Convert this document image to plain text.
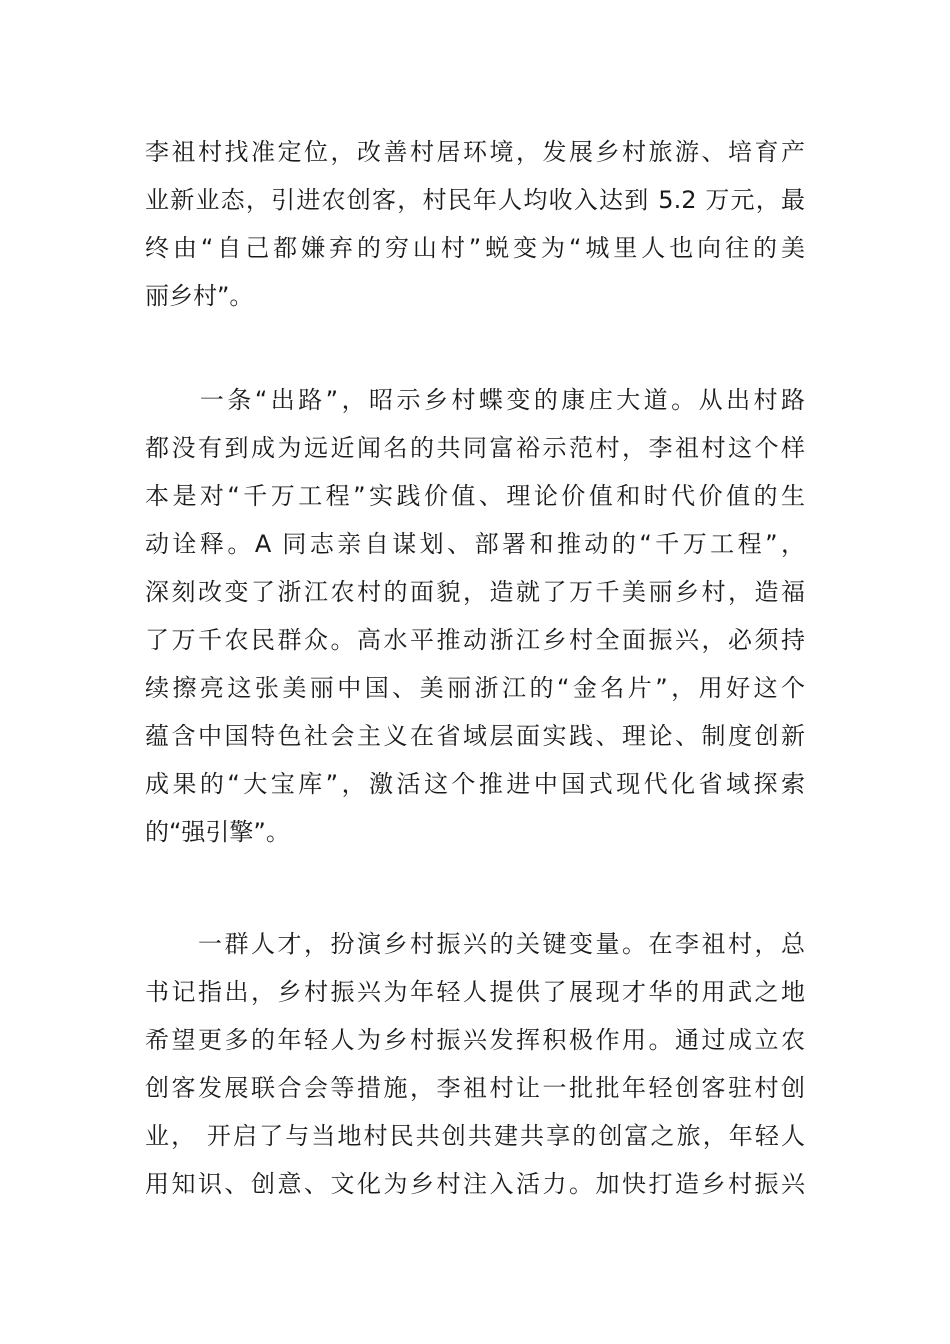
李祖村找准定位，改善村居环境，发展乡村旅游、培育产
业新业态，引进农创客，村民年人均收入达到 5.2 万元，最
终由“自己都嫌弃的穷山村”蜕变为“城里人也向往的美
丽乡村”。
　　一条“出路”，昭示乡村蝶变的康庄大道。从出村路
都没有到成为远近闻名的共同富裕示范村，李祖村这个样
本是对“千万工程”实践价值、理论价值和时代价值的生
动诠释。A 同志亲自谋划、部署和推动的“千万工程”，
深刻改变了浙江农村的面貌，造就了万千美丽乡村，造福
了万千农民群众。高水平推动浙江乡村全面振兴，必须持
续擦亮这张美丽中国、美丽浙江的“金名片”，用好这个
蕴含中国特色社会主义在省域层面实践、理论、制度创新
成果的“大宝库”，激活这个推进中国式现代化省域探索
的“强引擎”。
　　一群人才，扮演乡村振兴的关键变量。在李祖村，总
书记指出，乡村振兴为年轻人提供了展现才华的用武之地
希望更多的年轻人为乡村振兴发挥积极作用。通过成立农
创客发展联合会等措施，李祖村让一批批年轻创客驻村创
业， 开启了与当地村民共创共建共享的创富之旅，年轻人
用知识、创意、文化为乡村注入活力。加快打造乡村振兴
